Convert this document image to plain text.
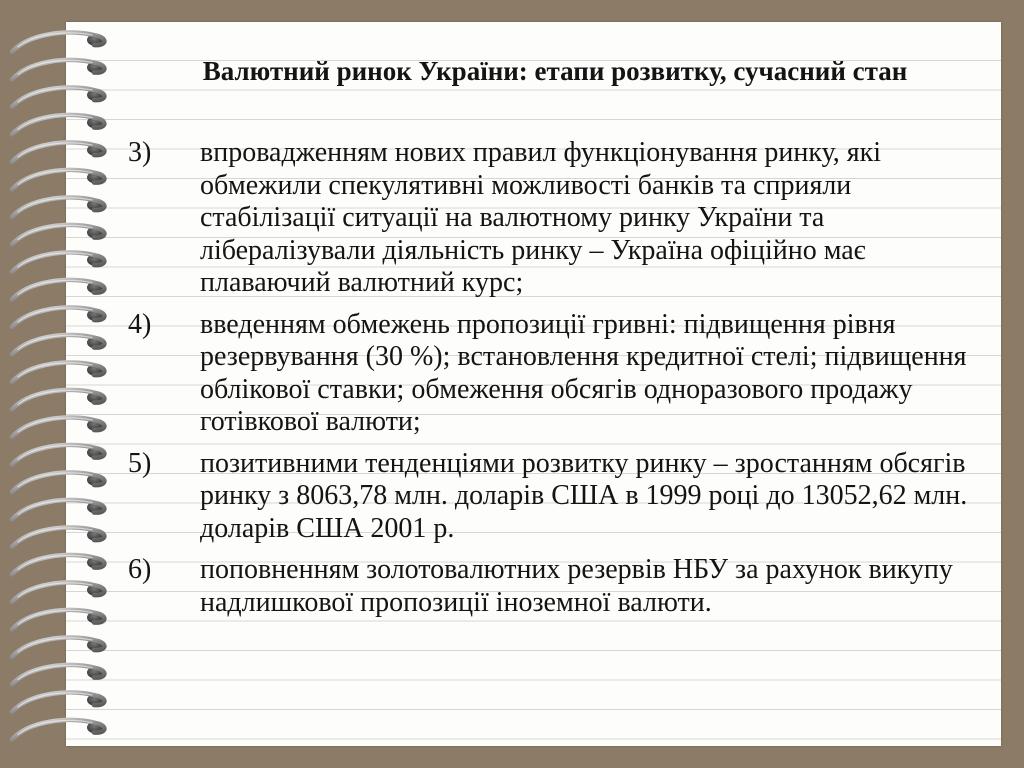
Валютний ринок України: етапи розвитку, сучасний стан
3)	впровадженням нових правил функціонування ринку, які обмежили спекулятивні можливості банків та сприяли стабілізації ситуації на валютному ринку України та лібералізували діяльність ринку – Україна офіційно має плаваючий валютний курс;
4)	введенням обмежень пропозиції гривні: підвищення рівня резервування (30 %); встановлення кредитної стелі; підвищення облікової ставки; обмеження обсягів одноразового продажу готівкової валюти;
5)	позитивними тенденціями розвитку ринку – зростанням обсягів ринку з 8063,78 млн. доларів США в 1999 році до 13052,62 млн. доларів США 2001 р.
6)	поповненням золотовалютних резервів НБУ за рахунок викупу надлишкової пропозиції іноземної валюти.
